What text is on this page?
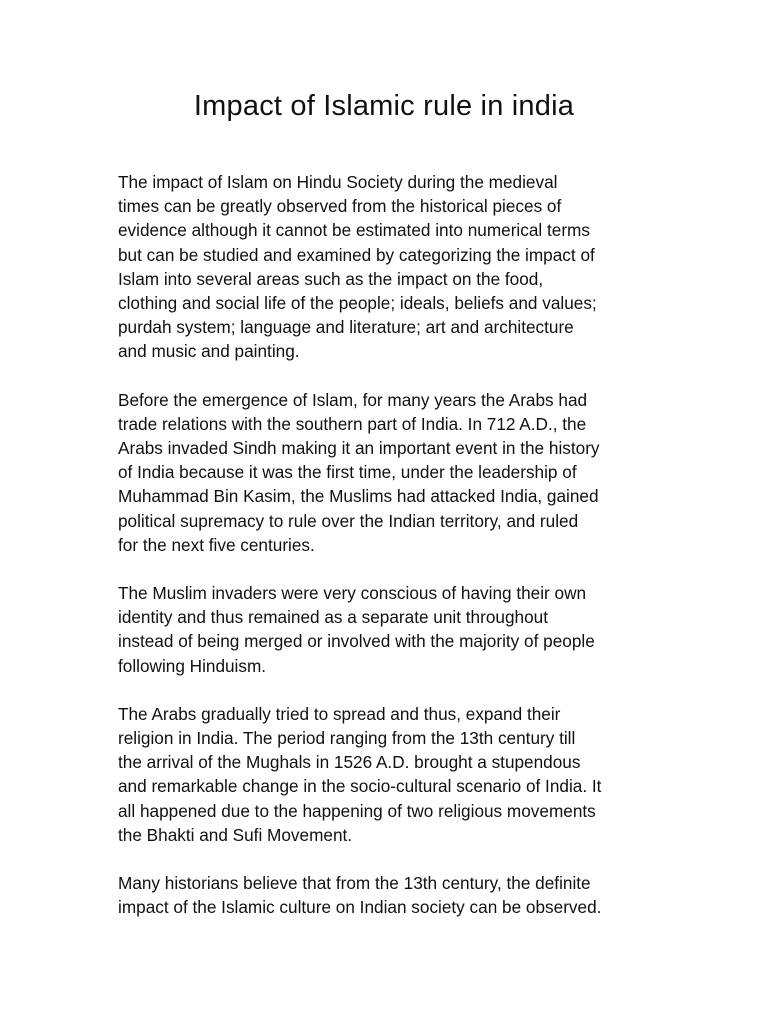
Impact of Islamic rule in india

The impact of Islam on Hindu Society during the medieval
times can be greatly observed from the historical pieces of
evidence although it cannot be estimated into numerical terms
but can be studied and examined by categorizing the impact of
Islam into several areas such as the impact on the food,
clothing and social life of the people; ideals, beliefs and values;
purdah system; language and literature; art and architecture
and music and painting.

Before the emergence of Islam, for many years the Arabs had
trade relations with the southern part of India. In 712 A.D., the
Arabs invaded Sindh making it an important event in the history
of India because it was the first time, under the leadership of
Muhammad Bin Kasim, the Muslims had attacked India, gained
political supremacy to rule over the Indian territory, and ruled
for the next five centuries.

The Muslim invaders were very conscious of having their own
identity and thus remained as a separate unit throughout
instead of being merged or involved with the majority of people
following Hinduism.

The Arabs gradually tried to spread and thus, expand their
religion in India. The period ranging from the 13th century till
the arrival of the Mughals in 1526 A.D. brought a stupendous
and remarkable change in the socio-cultural scenario of India. It
all happened due to the happening of two religious movements
the Bhakti and Sufi Movement.

Many historians believe that from the 13th century, the definite
impact of the Islamic culture on Indian society can be observed.
